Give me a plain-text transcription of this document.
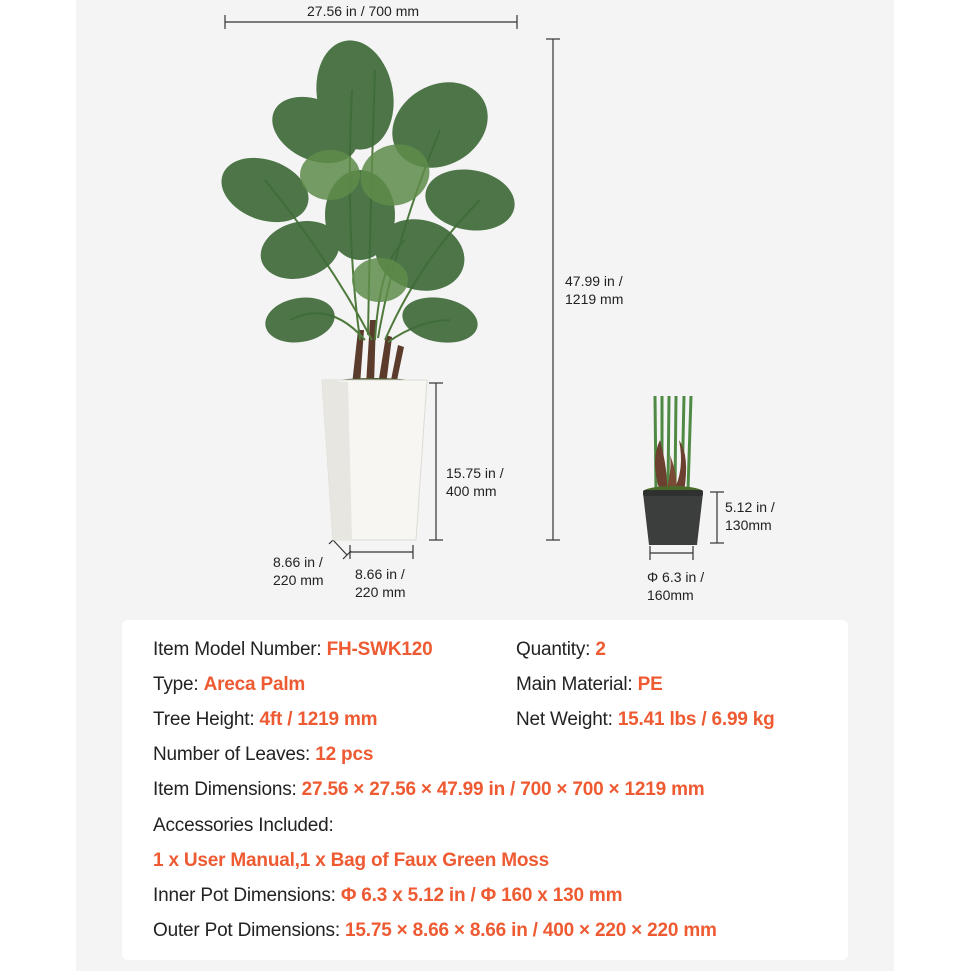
27.56 in / 700 mm
47.99 in /
1219 mm
15.75 in /
400 mm
8.66 in /
220 mm 8.66 in /
220 mm
5.12 in /
130mm
Φ 6.3 in /
160mm
Item Model Number: FH-SWK120	Quantity: 2
Type: Areca Palm	Main Material: PE
Tree Height: 4ft / 1219 mm	Net Weight: 15.41 lbs / 6.99 kg
Number of Leaves: 12 pcs
Item Dimensions: 27.56 × 27.56 × 47.99 in / 700 × 700 × 1219 mm
Accessories Included:
1 x User Manual,1 x Bag of Faux Green Moss
Inner Pot Dimensions: Φ 6.3 x 5.12 in / Φ 160 x 130 mm
Outer Pot Dimensions: 15.75 × 8.66 × 8.66 in / 400 × 220 × 220 mm
